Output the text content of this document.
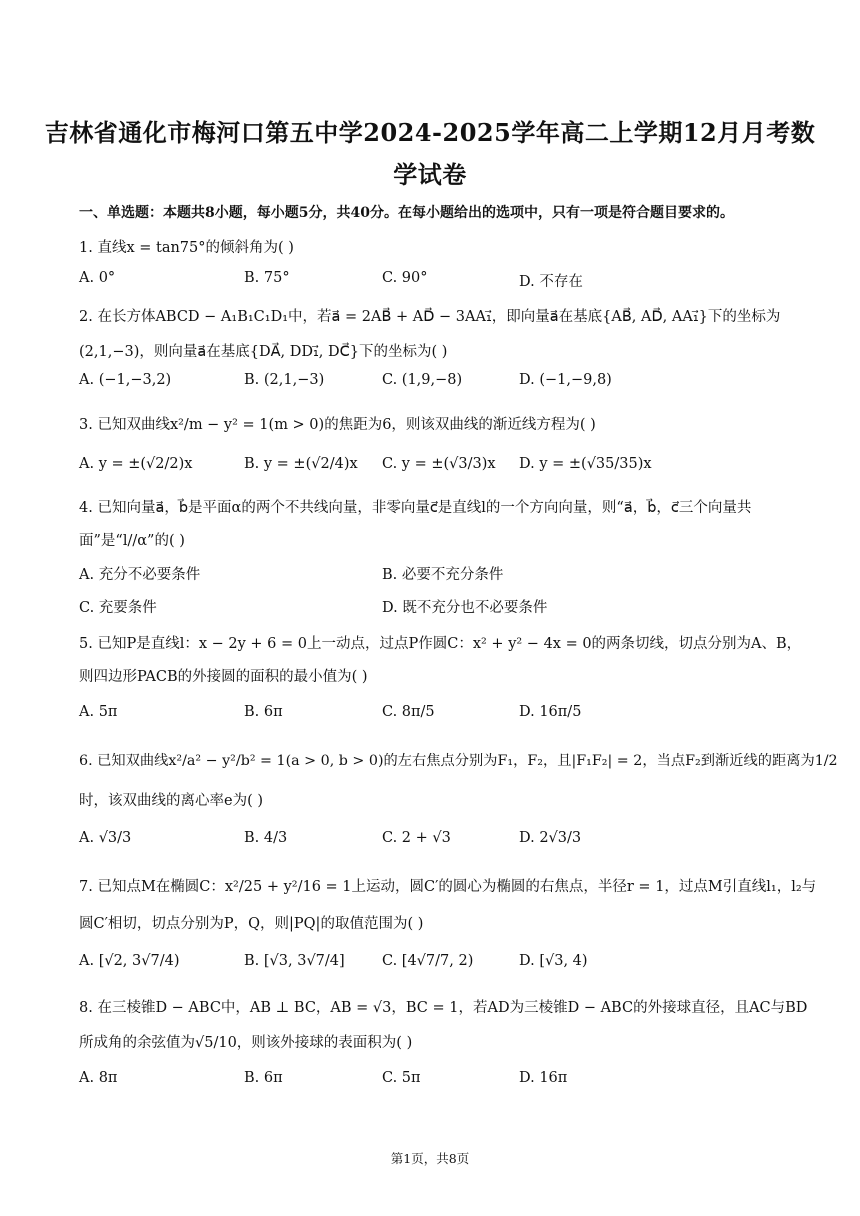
吉林省通化市梅河口第五中学2024-2025学年高二上学期12月月考数
学试卷
一、单选题：本题共8小题，每小题5分，共40分。在每小题给出的选项中，只有一项是符合题目要求的。
1. 直线x = tan75°的倾斜角为( )
A. 0°	B. 75°	C. 90°	D. 不存在
2. 在长方体ABCD − A₁B₁C₁D₁中，若a⃗ = 2AB⃗ + AD⃗ − 3AA₁⃗，即向量a⃗在基底{AB⃗, AD⃗, AA₁⃗}下的坐标为
(2,1,−3)，则向量a⃗在基底{DA⃗, DD₁⃗, DC⃗}下的坐标为( )
A. (−1,−3,2)	B. (2,1,−3)	C. (1,9,−8)	D. (−1,−9,8)
3. 已知双曲线x²/m − y² = 1(m > 0)的焦距为6，则该双曲线的渐近线方程为( )
A. y = ±(√2/2)x	B. y = ±(√2/4)x C. y = ±(√3/3)x D. y = ±(√35/35)x
4. 已知向量a⃗，b⃗是平面α的两个不共线向量，非零向量c⃗是直线l的一个方向向量，则“a⃗，b⃗，c⃗三个向量共
面”是“l//α”的( )
A. 充分不必要条件	B. 必要不充分条件
C. 充要条件	D. 既不充分也不必要条件
5. 已知P是直线l：x − 2y + 6 = 0上一动点，过点P作圆C：x² + y² − 4x = 0的两条切线，切点分别为A、B，
则四边形PACB的外接圆的面积的最小值为( )
A. 5π	B. 6π	C. 8π/5	D. 16π/5
6. 已知双曲线x²/a² − y²/b² = 1(a > 0, b > 0)的左右焦点分别为F₁，F₂，且|F₁F₂| = 2，当点F₂到渐近线的距离为1/2
时，该双曲线的离心率e为( )
A. √3/3	B. 4/3	C. 2 + √3	D. 2√3/3
7. 已知点M在椭圆C：x²/25 + y²/16 = 1上运动，圆C′的圆心为椭圆的右焦点，半径r = 1，过点M引直线l₁，l₂与
圆C′相切，切点分别为P，Q，则|PQ|的取值范围为( )
A. [√2, 3√7/4)	B. [√3, 3√7/4]	C. [4√7/7, 2)	D. [√3, 4)
8. 在三棱锥D − ABC中，AB ⊥ BC，AB = √3，BC = 1，若AD为三棱锥D − ABC的外接球直径，且AC与BD
所成角的余弦值为√5/10，则该外接球的表面积为( )
A. 8π	B. 6π	C. 5π	D. 16π
第1页，共8页
